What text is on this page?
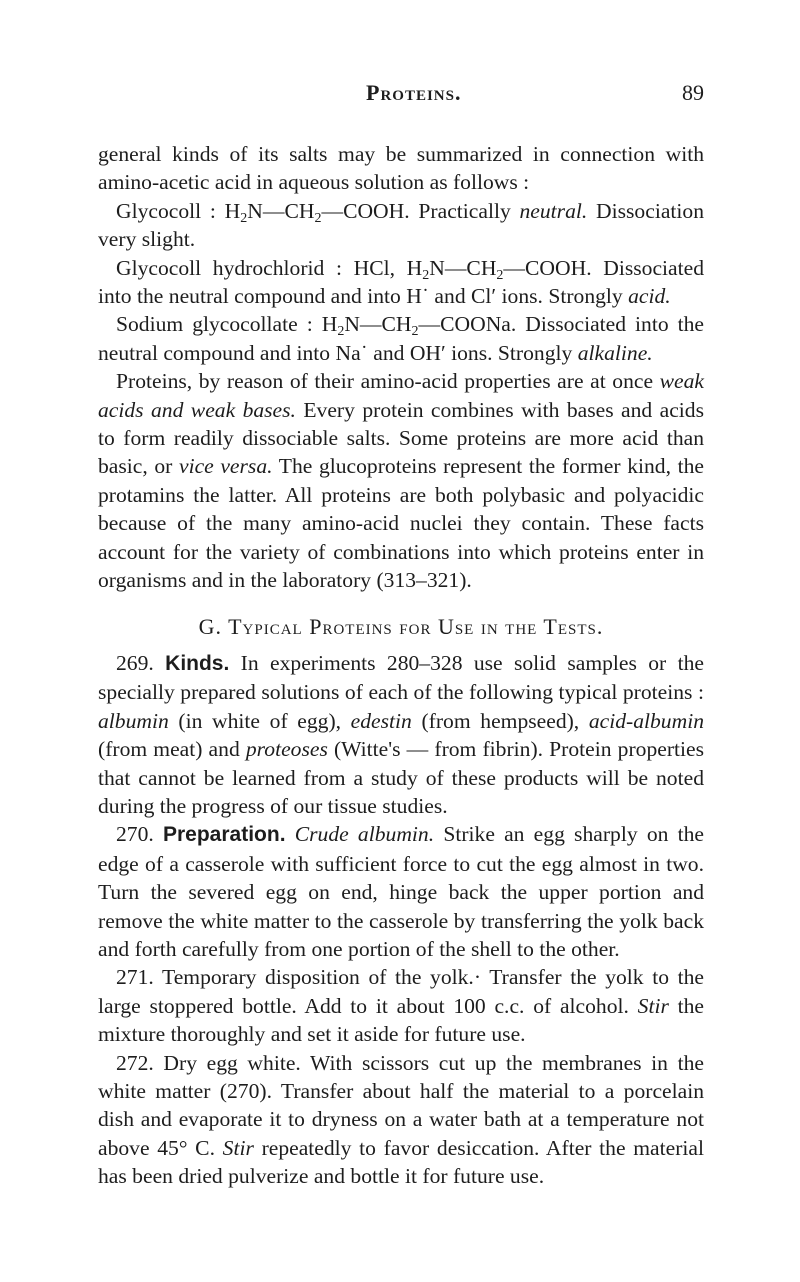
Proteins.	89

general kinds of its salts may be summarized in connection with amino-acetic acid in aqueous solution as follows :

Glycocoll : $H_2N—CH_2—COOH$. Practically neutral. Dissociation very slight.

Glycocoll hydrochlorid : HCl, $H_2N—CH_2—COOH$. Dissociated into the neutral compound and into H˙ and Cl′ ions. Strongly acid.

Sodium glycocollate : $H_2N—CH_2—COONa$. Dissociated into the neutral compound and into Na˙ and OH′ ions. Strongly alkaline.

Proteins, by reason of their amino-acid properties are at once weak acids and weak bases. Every protein combines with bases and acids to form readily dissociable salts. Some proteins are more acid than basic, or vice versa. The glucoproteins represent the former kind, the protamins the latter. All proteins are both polybasic and polyacidic because of the many amino-acid nuclei they contain. These facts account for the variety of combinations into which proteins enter in organisms and in the laboratory (313–321).

G. Typical Proteins for Use in the Tests.

269. Kinds. In experiments 280–328 use solid samples or the specially prepared solutions of each of the following typical proteins : albumin (in white of egg), edestin (from hempseed), acid-albumin (from meat) and proteoses (Witte's — from fibrin). Protein properties that cannot be learned from a study of these products will be noted during the progress of our tissue studies.

270. Preparation. Crude albumin. Strike an egg sharply on the edge of a casserole with sufficient force to cut the egg almost in two. Turn the severed egg on end, hinge back the upper portion and remove the white matter to the casserole by transferring the yolk back and forth carefully from one portion of the shell to the other.

271. Temporary disposition of the yolk.· Transfer the yolk to the large stoppered bottle. Add to it about 100 c.c. of alcohol. Stir the mixture thoroughly and set it aside for future use.

272. Dry egg white. With scissors cut up the membranes in the white matter (270). Transfer about half the material to a porcelain dish and evaporate it to dryness on a water bath at a temperature not above 45° C. Stir repeatedly to favor desiccation. After the material has been dried pulverize and bottle it for future use.
